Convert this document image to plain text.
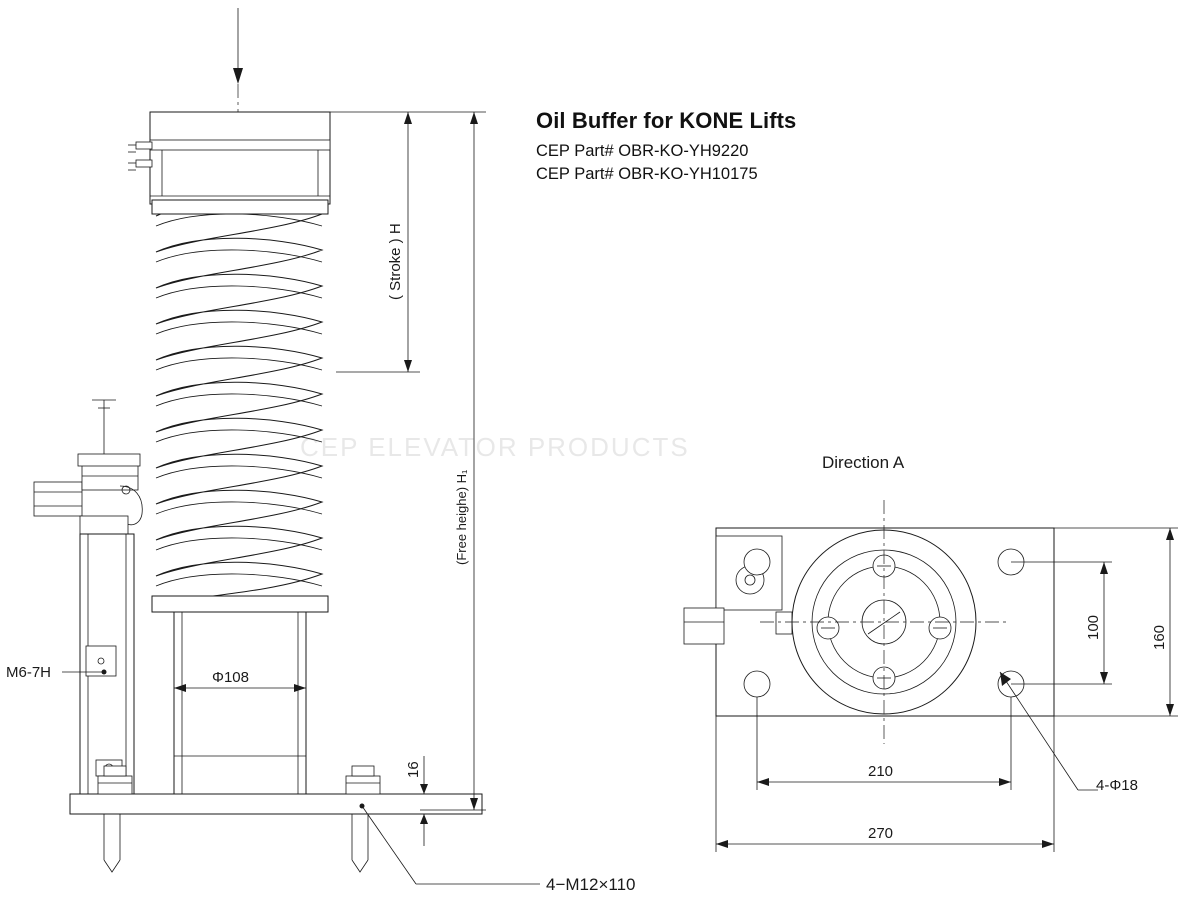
( Stroke ) H
(Free heighe) H₁
Φ108
16
M6-7H
4−M12×110
Direction A
100	160
210
270
4-Φ18
Oil Buffer for KONE Lifts
CEP Part# OBR-KO-YH9220
CEP Part# OBR-KO-YH10175
CEP ELEVATOR PRODUCTS
